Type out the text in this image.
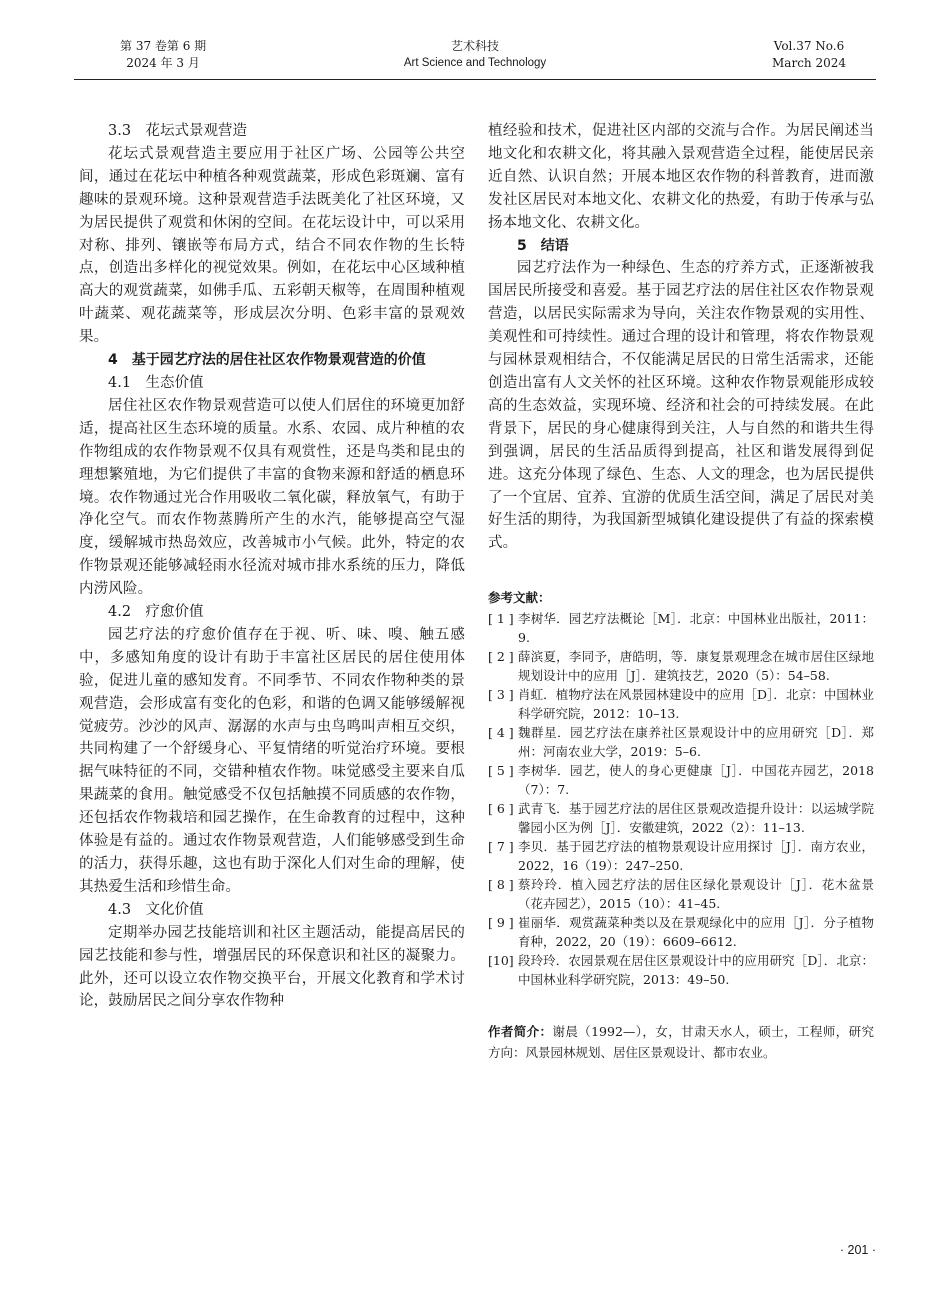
第 37 卷第 6 期
2024 年 3 月
艺术科技
Art Science and Technology
Vol.37 No.6
March 2024

3.3　花坛式景观营造

花坛式景观营造主要应用于社区广场、公园等公共空间，通过在花坛中种植各种观赏蔬菜，形成色彩斑斓、富有趣味的景观环境。这种景观营造手法既美化了社区环境，又为居民提供了观赏和休闲的空间。在花坛设计中，可以采用对称、排列、镶嵌等布局方式，结合不同农作物的生长特点，创造出多样化的视觉效果。例如，在花坛中心区域种植高大的观赏蔬菜，如佛手瓜、五彩朝天椒等，在周围种植观叶蔬菜、观花蔬菜等，形成层次分明、色彩丰富的景观效果。

4　基于园艺疗法的居住社区农作物景观营造的价值

4.1　生态价值

居住社区农作物景观营造可以使人们居住的环境更加舒适，提高社区生态环境的质量。水系、农园、成片种植的农作物组成的农作物景观不仅具有观赏性，还是鸟类和昆虫的理想繁殖地，为它们提供了丰富的食物来源和舒适的栖息环境。农作物通过光合作用吸收二氧化碳，释放氧气，有助于净化空气。而农作物蒸腾所产生的水汽，能够提高空气湿度，缓解城市热岛效应，改善城市小气候。此外，特定的农作物景观还能够减轻雨水径流对城市排水系统的压力，降低内涝风险。

4.2　疗愈价值

园艺疗法的疗愈价值存在于视、听、味、嗅、触五感中，多感知角度的设计有助于丰富社区居民的居住使用体验，促进儿童的感知发育。不同季节、不同农作物种类的景观营造，会形成富有变化的色彩，和谐的色调又能够缓解视觉疲劳。沙沙的风声、潺潺的水声与虫鸟鸣叫声相互交织，共同构建了一个舒缓身心、平复情绪的听觉治疗环境。要根据气味特征的不同，交错种植农作物。味觉感受主要来自瓜果蔬菜的食用。触觉感受不仅包括触摸不同质感的农作物，还包括农作物栽培和园艺操作，在生命教育的过程中，这种体验是有益的。通过农作物景观营造，人们能够感受到生命的活力，获得乐趣，这也有助于深化人们对生命的理解，使其热爱生活和珍惜生命。

4.3　文化价值

定期举办园艺技能培训和社区主题活动，能提高居民的园艺技能和参与性，增强居民的环保意识和社区的凝聚力。此外，还可以设立农作物交换平台，开展文化教育和学术讨论，鼓励居民之间分享农作物种

植经验和技术，促进社区内部的交流与合作。为居民阐述当地文化和农耕文化，将其融入景观营造全过程，能使居民亲近自然、认识自然；开展本地区农作物的科普教育，进而激发社区居民对本地文化、农耕文化的热爱，有助于传承与弘扬本地文化、农耕文化。

5　结语

园艺疗法作为一种绿色、生态的疗养方式，正逐渐被我国居民所接受和喜爱。基于园艺疗法的居住社区农作物景观营造，以居民实际需求为导向，关注农作物景观的实用性、美观性和可持续性。通过合理的设计和管理，将农作物景观与园林景观相结合，不仅能满足居民的日常生活需求，还能创造出富有人文关怀的社区环境。这种农作物景观能形成较高的生态效益，实现环境、经济和社会的可持续发展。在此背景下，居民的身心健康得到关注，人与自然的和谐共生得到强调，居民的生活品质得到提高，社区和谐发展得到促进。这充分体现了绿色、生态、人文的理念，也为居民提供了一个宜居、宜养、宜游的优质生活空间，满足了居民对美好生活的期待，为我国新型城镇化建设提供了有益的探索模式。

参考文献：

[ 1 ] 李树华．园艺疗法概论［M］．北京：中国林业出版社，2011：9.

[ 2 ] 薛滨夏，李同予，唐皓明，等．康复景观理念在城市居住区绿地规划设计中的应用［J］．建筑技艺，2020（5）：54–58.

[ 3 ] 肖虹．植物疗法在风景园林建设中的应用［D］．北京：中国林业科学研究院，2012：10–13.

[ 4 ] 魏群星．园艺疗法在康养社区景观设计中的应用研究［D］．郑州：河南农业大学，2019：5–6.

[ 5 ] 李树华．园艺，使人的身心更健康［J］．中国花卉园艺，2018（7）：7.

[ 6 ] 武青飞．基于园艺疗法的居住区景观改造提升设计：以运城学院馨园小区为例［J］．安徽建筑，2022（2）：11–13.

[ 7 ] 李贝．基于园艺疗法的植物景观设计应用探讨［J］．南方农业，2022，16（19）：247–250.

[ 8 ] 蔡玲玲．植入园艺疗法的居住区绿化景观设计［J］．花木盆景（花卉园艺），2015（10）：41–45.

[ 9 ] 崔丽华．观赏蔬菜种类以及在景观绿化中的应用［J］．分子植物育种，2022，20（19）：6609–6612.

[10] 段玲玲．农园景观在居住区景观设计中的应用研究［D］．北京：中国林业科学研究院，2013：49–50.

作者简介：谢晨（1992—），女，甘肃天水人，硕士，工程师，研究方向：风景园林规划、居住区景观设计、都市农业。
· 201 ·
